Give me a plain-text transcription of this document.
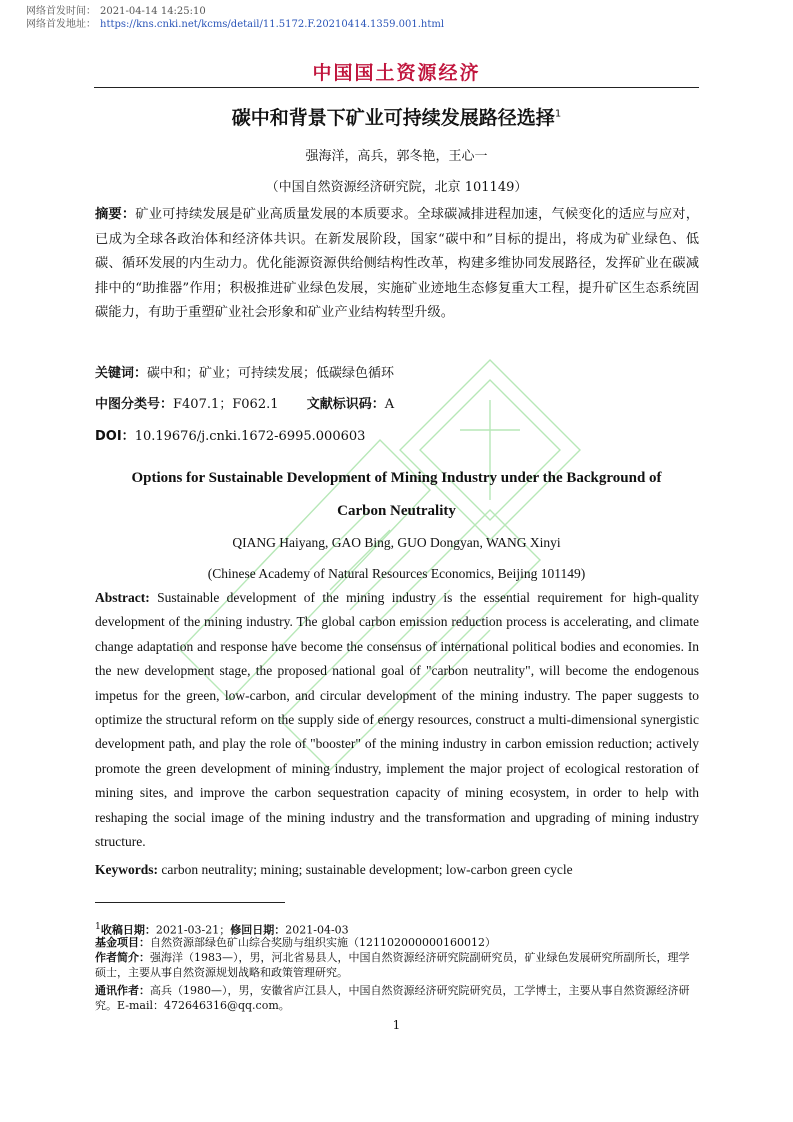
网络首发时间： 2021-04-14 14:25:10
网络首发地址： https://kns.cnki.net/kcms/detail/11.5172.F.20210414.1359.001.html
中国国土资源经济
碳中和背景下矿业可持续发展路径选择$^1$
强海洋，高兵，郭冬艳，王心一
（中国自然资源经济研究院，北京 101149）
摘要：矿业可持续发展是矿业高质量发展的本质要求。全球碳减排进程加速，气候变化的适应与应对，已成为全球各政治体和经济体共识。在新发展阶段，国家“碳中和”目标的提出，将成为矿业绿色、低碳、循环发展的内生动力。优化能源资源供给侧结构性改革，构建多维协同发展路径，发挥矿业在碳减排中的“助推器”作用；积极推进矿业绿色发展，实施矿业迹地生态修复重大工程，提升矿区生态系统固碳能力，有助于重塑矿业社会形象和矿业产业结构转型升级。
关键词：碳中和；矿业；可持续发展；低碳绿色循环
中图分类号：F407.1；F062.1 文献标识码：A
DOI：10.19676/j.cnki.1672-6995.000603
Options for Sustainable Development of Mining Industry under the Background of
Carbon Neutrality
QIANG Haiyang, GAO Bing, GUO Dongyan, WANG Xinyi
(Chinese Academy of Natural Resources Economics, Beijing 101149)
Abstract: Sustainable development of the mining industry is the essential requirement for high-quality development of the mining industry. The global carbon emission reduction process is accelerating, and climate change adaptation and response have become the consensus of international political bodies and economies. In the new development stage, the proposed national goal of "carbon neutrality", will become the endogenous impetus for the green, low-carbon, and circular development of the mining industry. The paper suggests to optimize the structural reform on the supply side of energy resources, construct a multi-dimensional synergistic development path, and play the role of "booster" of the mining industry in carbon emission reduction; actively promote the green development of mining industry, implement the major project of ecological restoration of mining sites, and improve the carbon sequestration capacity of mining ecosystem, in order to help with reshaping the social image of the mining industry and the transformation and upgrading of mining industry structure.
Keywords: carbon neutrality; mining; sustainable development; low-carbon green cycle
$^1$收稿日期：2021-03-21；修回日期：2021-04-03
基金项目：自然资源部绿色矿山综合奖励与组织实施（121102000000160012）
作者简介：强海洋（1983—），男，河北省易县人，中国自然资源经济研究院副研究员，矿业绿色发展研究所副所长，理学硕士，主要从事自然资源规划战略和政策管理研究。
通讯作者：高兵（1980—），男，安徽省庐江县人，中国自然资源经济研究院研究员，工学博士，主要从事自然资源经济研究。E-mail：472646316@qq.com。
1
